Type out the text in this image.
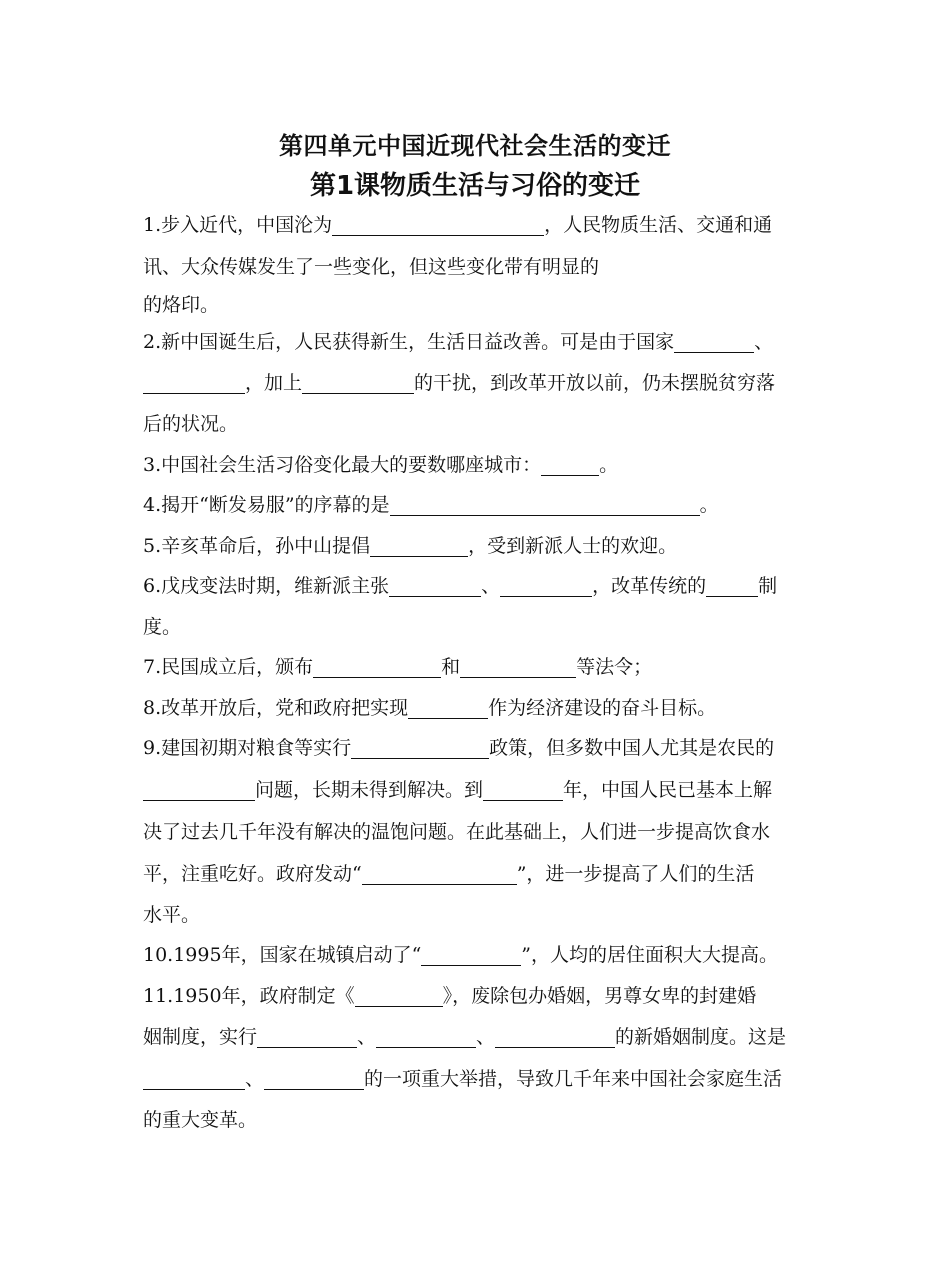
第四单元中国近现代社会生活的变迁
第1课物质生活与习俗的变迁
1.步入近代，中国沦为	，人民物质生活、交通和通
讯、大众传媒发生了一些变化，但这些变化带有明显的
的烙印。
2.新中国诞生后，人民获得新生，生活日益改善。可是由于国家	、
，加上	的干扰，到改革开放以前，仍未摆脱贫穷落
后的状况。
3.中国社会生活习俗变化最大的要数哪座城市：	。
4.揭开“断发易服”的序幕的是	。
5.辛亥革命后，孙中山提倡	，受到新派人士的欢迎。
6.戊戌变法时期，维新派主张	、	，改革传统的	制
度。
7.民国成立后，颁布	和	等法令；
8.改革开放后，党和政府把实现	作为经济建设的奋斗目标。
9.建国初期对粮食等实行	政策，但多数中国人尤其是农民的
问题，长期未得到解决。到	年，中国人民已基本上解
决了过去几千年没有解决的温饱问题。在此基础上，人们进一步提高饮食水
平，注重吃好。政府发动“	”，进一步提高了人们的生活
水平。
10.1995年，国家在城镇启动了“	”，人均的居住面积大大提高。
11.1950年，政府制定《	》，废除包办婚姻，男尊女卑的封建婚
姻制度，实行	、	、	的新婚姻制度。这是
、	的一项重大举措，导致几千年来中国社会家庭生活
的重大变革。
